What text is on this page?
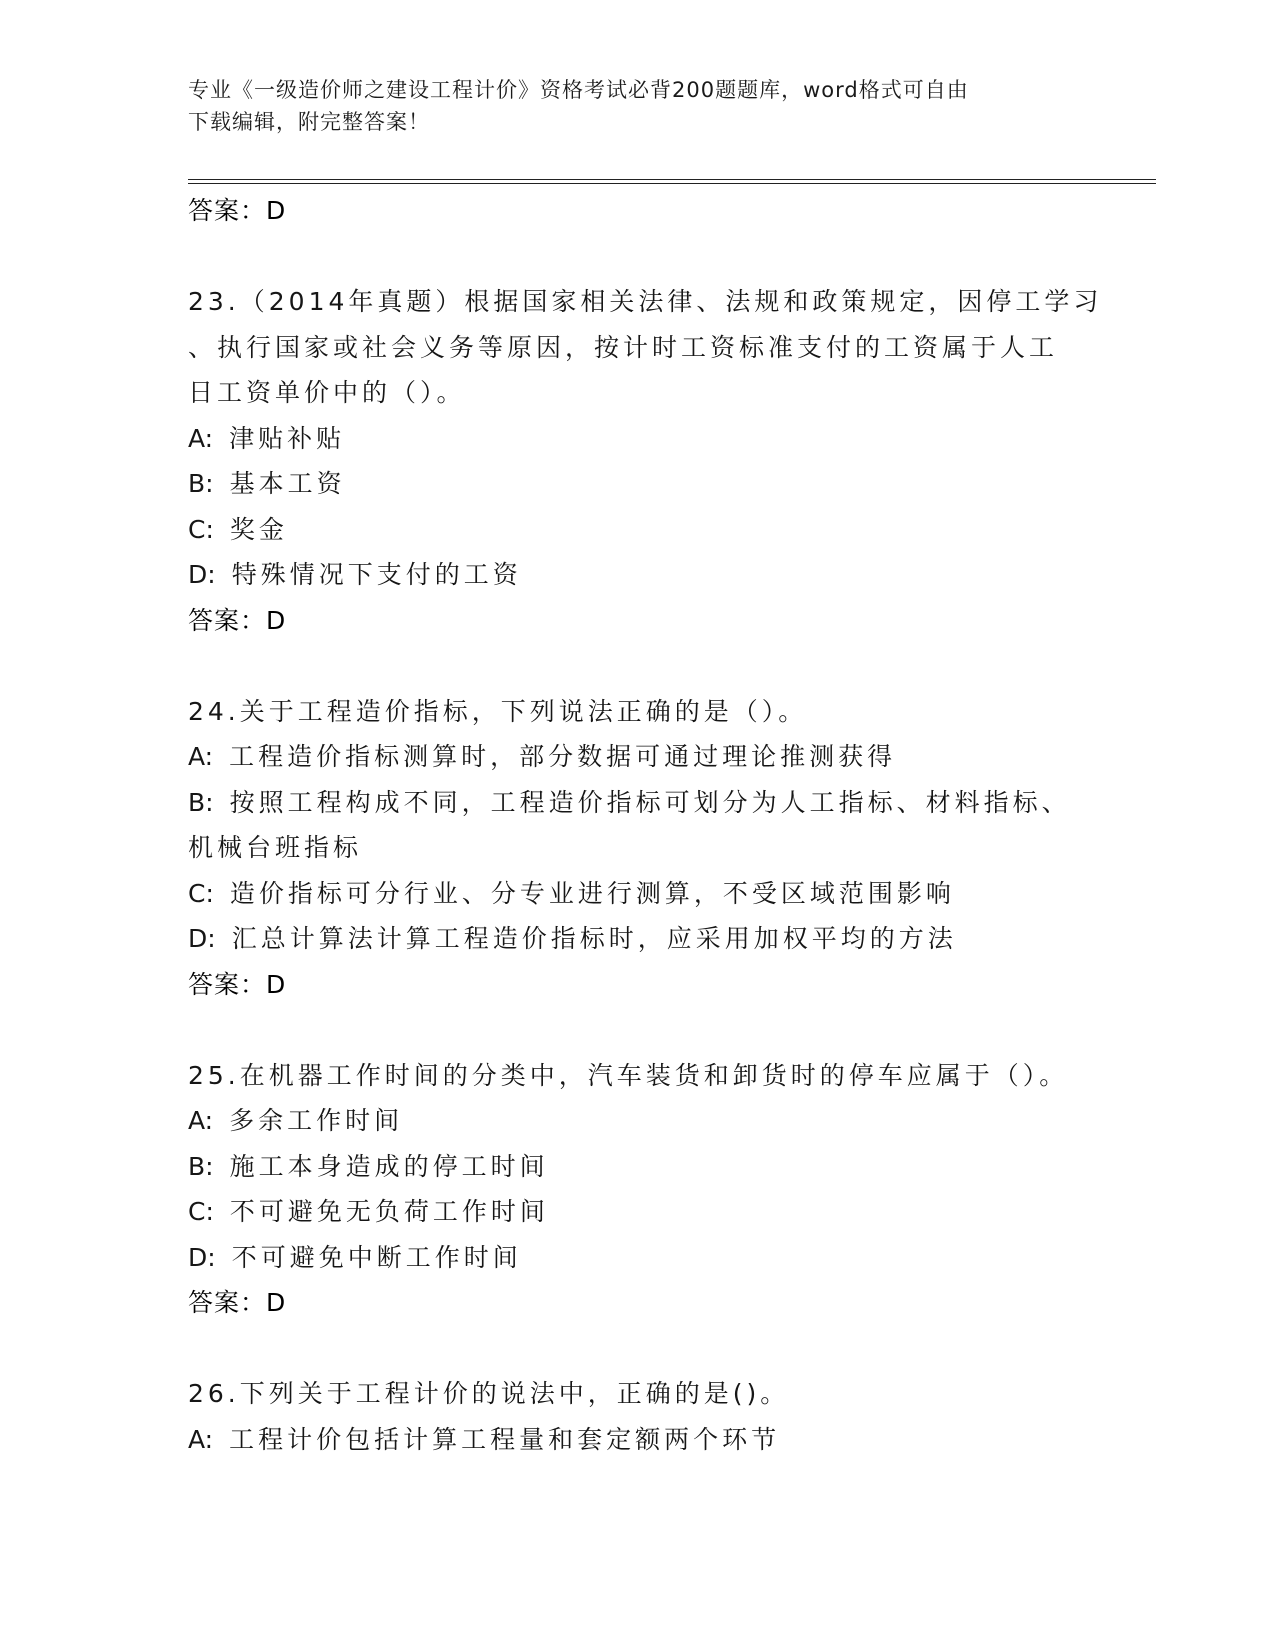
专业《一级造价师之建设工程计价》资格考试必背200题题库，word格式可自由
下载编辑，附完整答案！
答案：D
23.（2014年真题）根据国家相关法律、法规和政策规定，因停工学习
、执行国家或社会义务等原因，按计时工资标准支付的工资属于人工
日工资单价中的（）。
A: 津贴补贴
B: 基本工资
C: 奖金
D: 特殊情况下支付的工资
答案：D
24.关于工程造价指标，下列说法正确的是（）。
A: 工程造价指标测算时，部分数据可通过理论推测获得
B: 按照工程构成不同，工程造价指标可划分为人工指标、材料指标、
机械台班指标
C: 造价指标可分行业、分专业进行测算，不受区域范围影响
D: 汇总计算法计算工程造价指标时，应采用加权平均的方法
答案：D
25.在机器工作时间的分类中，汽车装货和卸货时的停车应属于（）。
A: 多余工作时间
B: 施工本身造成的停工时间
C: 不可避免无负荷工作时间
D: 不可避免中断工作时间
答案：D
26.下列关于工程计价的说法中，正确的是()。
A: 工程计价包括计算工程量和套定额两个环节
